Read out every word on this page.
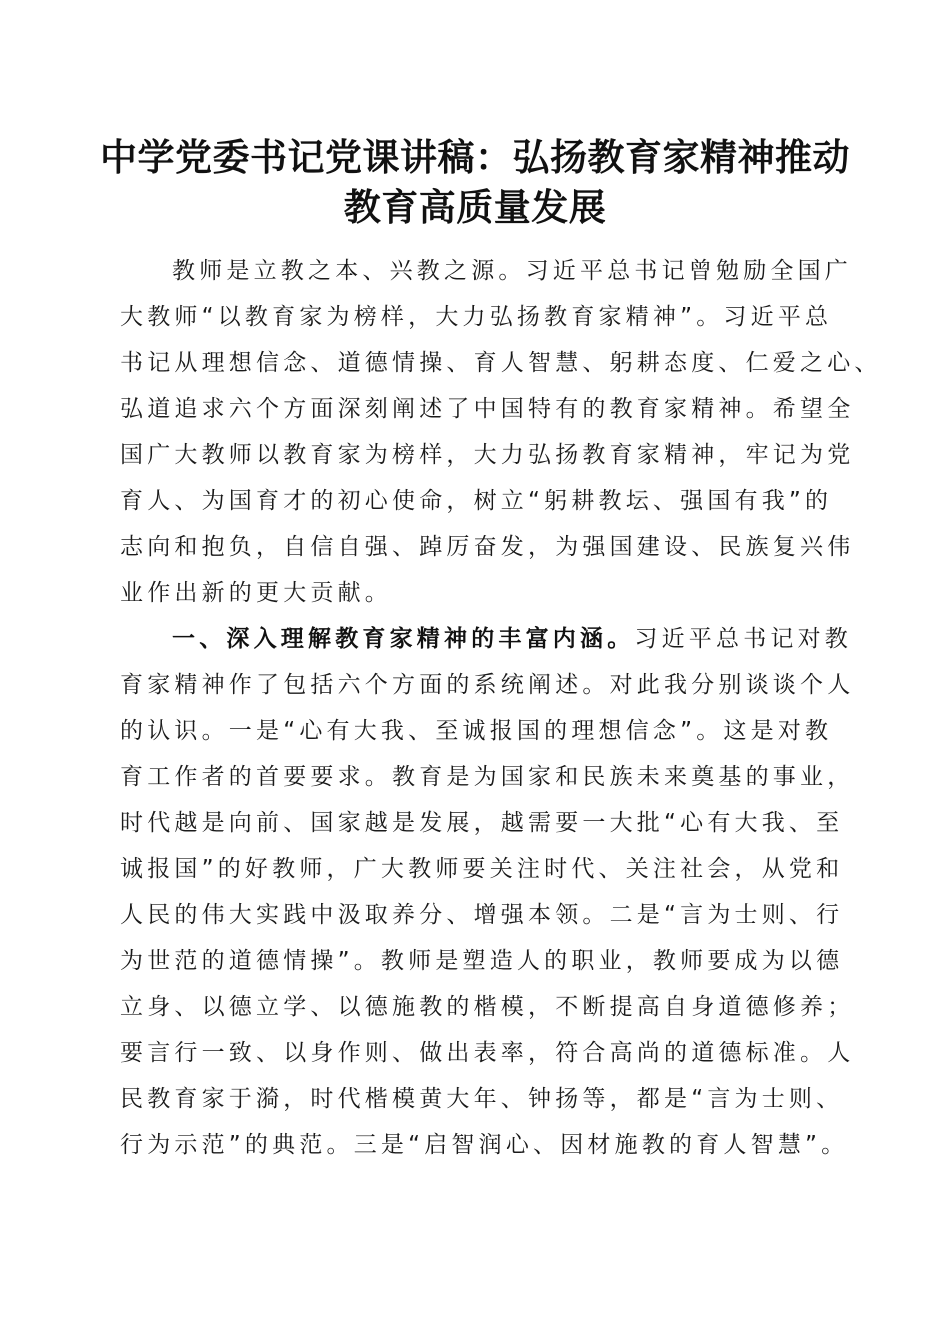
中学党委书记党课讲稿：弘扬教育家精神推动
教育高质量发展
教师是立教之本、兴教之源。习近平总书记曾勉励全国广
大教师“以教育家为榜样，大力弘扬教育家精神”。习近平总
书记从理想信念、道德情操、育人智慧、躬耕态度、仁爱之心、
弘道追求六个方面深刻阐述了中国特有的教育家精神。希望全
国广大教师以教育家为榜样，大力弘扬教育家精神，牢记为党
育人、为国育才的初心使命，树立“躬耕教坛、强国有我”的
志向和抱负，自信自强、踔厉奋发，为强国建设、民族复兴伟
业作出新的更大贡献。
一、深入理解教育家精神的丰富内涵。习近平总书记对教
育家精神作了包括六个方面的系统阐述。对此我分别谈谈个人
的认识。一是“心有大我、至诚报国的理想信念”。这是对教
育工作者的首要要求。教育是为国家和民族未来奠基的事业，
时代越是向前、国家越是发展，越需要一大批“心有大我、至
诚报国”的好教师，广大教师要关注时代、关注社会，从党和
人民的伟大实践中汲取养分、增强本领。二是“言为士则、行
为世范的道德情操”。教师是塑造人的职业，教师要成为以德
立身、以德立学、以德施教的楷模，不断提高自身道德修养；
要言行一致、以身作则、做出表率，符合高尚的道德标准。人
民教育家于漪，时代楷模黄大年、钟扬等，都是“言为士则、
行为示范”的典范。三是“启智润心、因材施教的育人智慧”。
